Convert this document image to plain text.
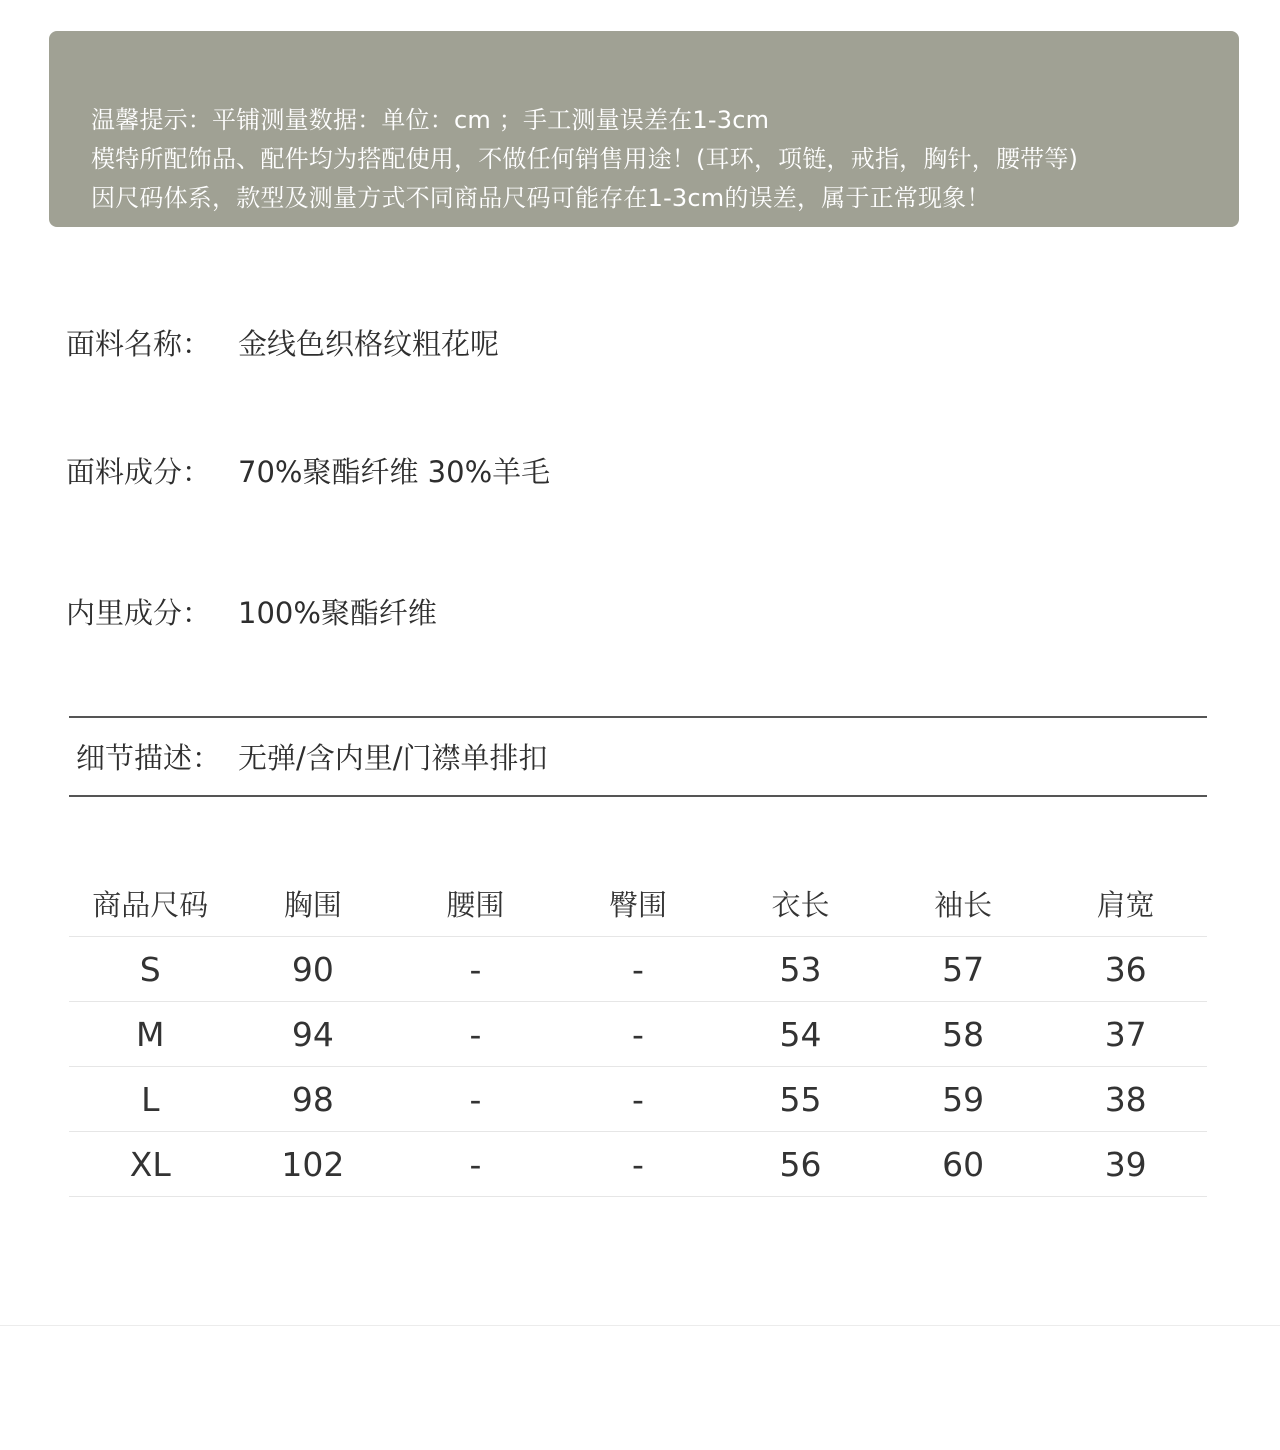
温馨提示：平铺测量数据：单位：cm ；手工测量误差在1-3cm
模特所配饰品、配件均为搭配使用，不做任何销售用途！(耳环，项链，戒指，胸针，腰带等)
因尺码体系，款型及测量方式不同商品尺码可能存在1-3cm的误差，属于正常现象！
面料名称： 金线色织格纹粗花呢
面料成分： 70%聚酯纤维 30%羊毛
内里成分： 100%聚酯纤维
细节描述： 无弹/含内里/门襟单排扣
商品尺码	胸围	腰围	臀围	衣长	袖长	肩宽
S	90	-	-	53	57	36
M	94	-	-	54	58	37
L	98	-	-	55	59	38
XL	102	-	-	56	60	39
